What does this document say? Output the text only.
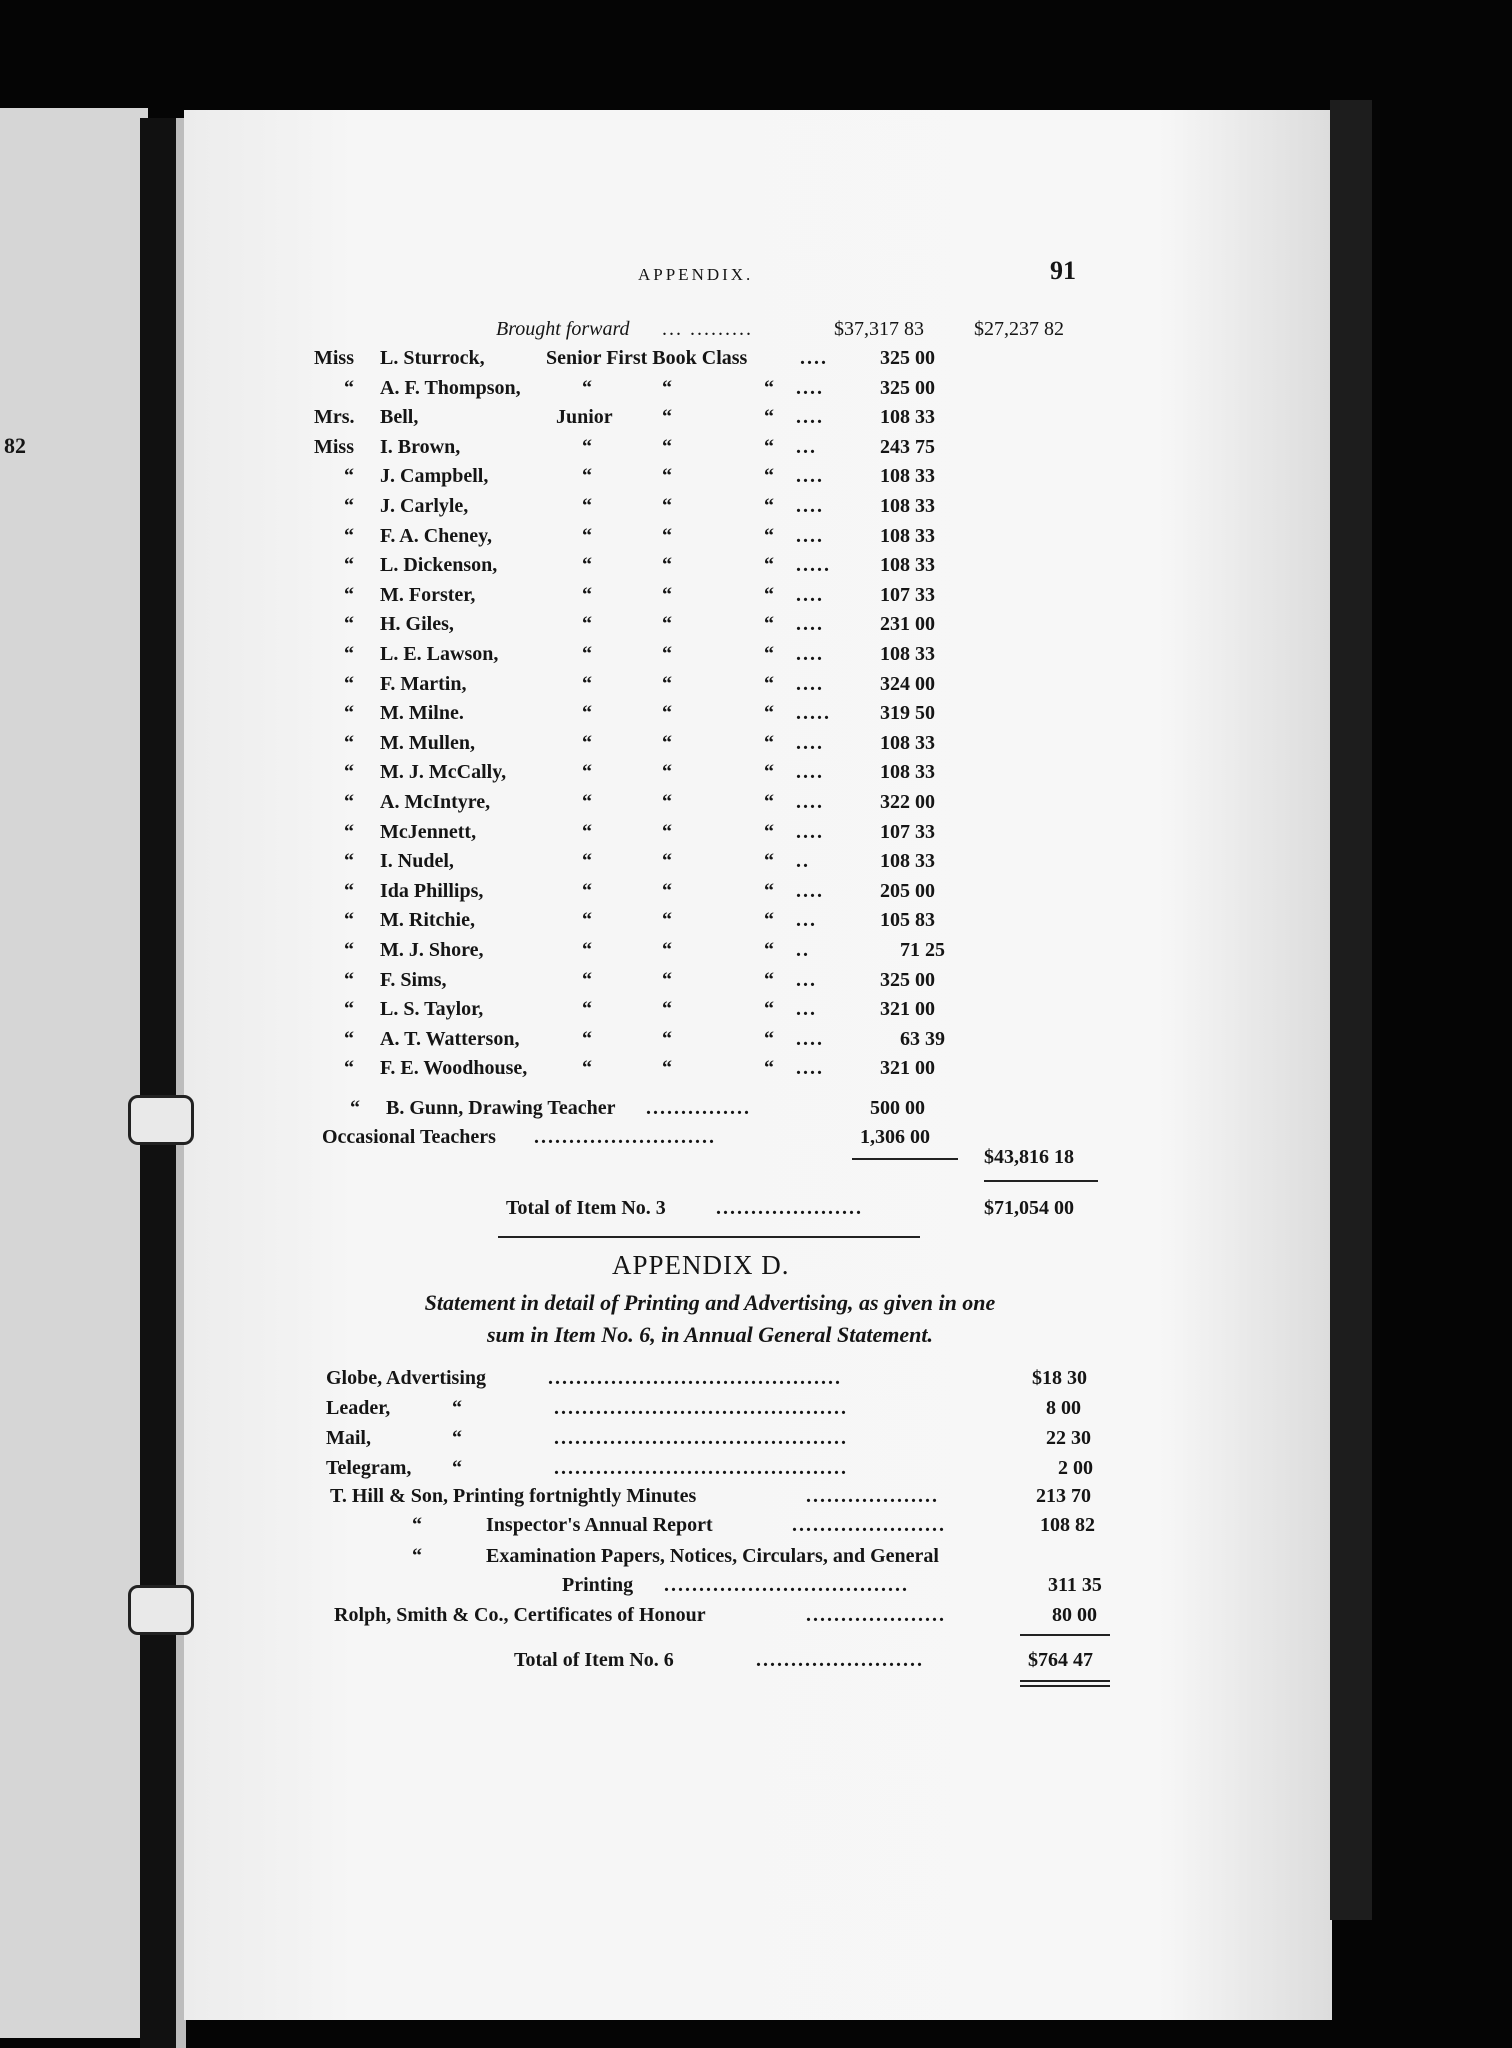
82
APPENDIX.	91
Brought forward ... .........	$37,317 83	$27,237 82
Miss L. Sturrock,	Senior First Book Class	....	325 00
“ A. F. Thompson,	“	“	“ ....	325 00
Mrs. Bell,	Junior “	“ ....	108 33
Miss I. Brown,	“	“	“ ...	243 75
“ J. Campbell,	“	“	“ ....	108 33
“ J. Carlyle,	“	“	“ ....	108 33
“ F. A. Cheney,	“	“	“ ....	108 33
“ L. Dickenson,	“	“	“ ..... 108 33
“ M. Forster,	“	“	“ ....	107 33
“ H. Giles,	“	“	“ ....	231 00
“ L. E. Lawson,	“	“	“ ....	108 33
“ F. Martin,	“	“	“ ....	324 00
“ M. Milne.	“	“	“ ..... 319 50
“ M. Mullen,	“	“	“ ....	108 33
“ M. J. McCally,	“	“	“ ....	108 33
“ A. McIntyre,	“	“	“ ....	322 00
“ McJennett,	“	“	“ ....	107 33
“ I. Nudel,	“	“	“ ..	108 33
“ Ida Phillips,	“	“	“ ....	205 00
“ M. Ritchie,	“	“	“ ...	105 83
“ M. J. Shore,	“	“	“ ..	71 25
“ F. Sims,	“	“	“ ...	325 00
“ L. S. Taylor,	“	“	“ ...	321 00
“ A. T. Watterson,	“	“	“ ....	63 39
“ F. E. Woodhouse,	“	“	“ ....	321 00
“ B. Gunn, Drawing Teacher ...............	500 00
Occasional Teachers ..........................	1,306 00
$43,816 18
Total of Item No. 3	.....................	$71,054 00
APPENDIX D.
Statement in detail of Printing and Advertising, as given in one
sum in Item No. 6, in Annual General Statement.
Globe, Advertising	..........................................	$18 30
Leader,	“	..........................................	8 00
Mail,	“	..........................................	22 30
Telegram, “	..........................................	2 00
T. Hill & Son, Printing fortnightly Minutes	...................	213 70
“	Inspector's Annual Report	......................	108 82
“	Examination Papers, Notices, Circulars, and General
Printing ...................................	311 35
Rolph, Smith & Co., Certificates of Honour	....................	80 00
Total of Item No. 6	........................	$764 47
